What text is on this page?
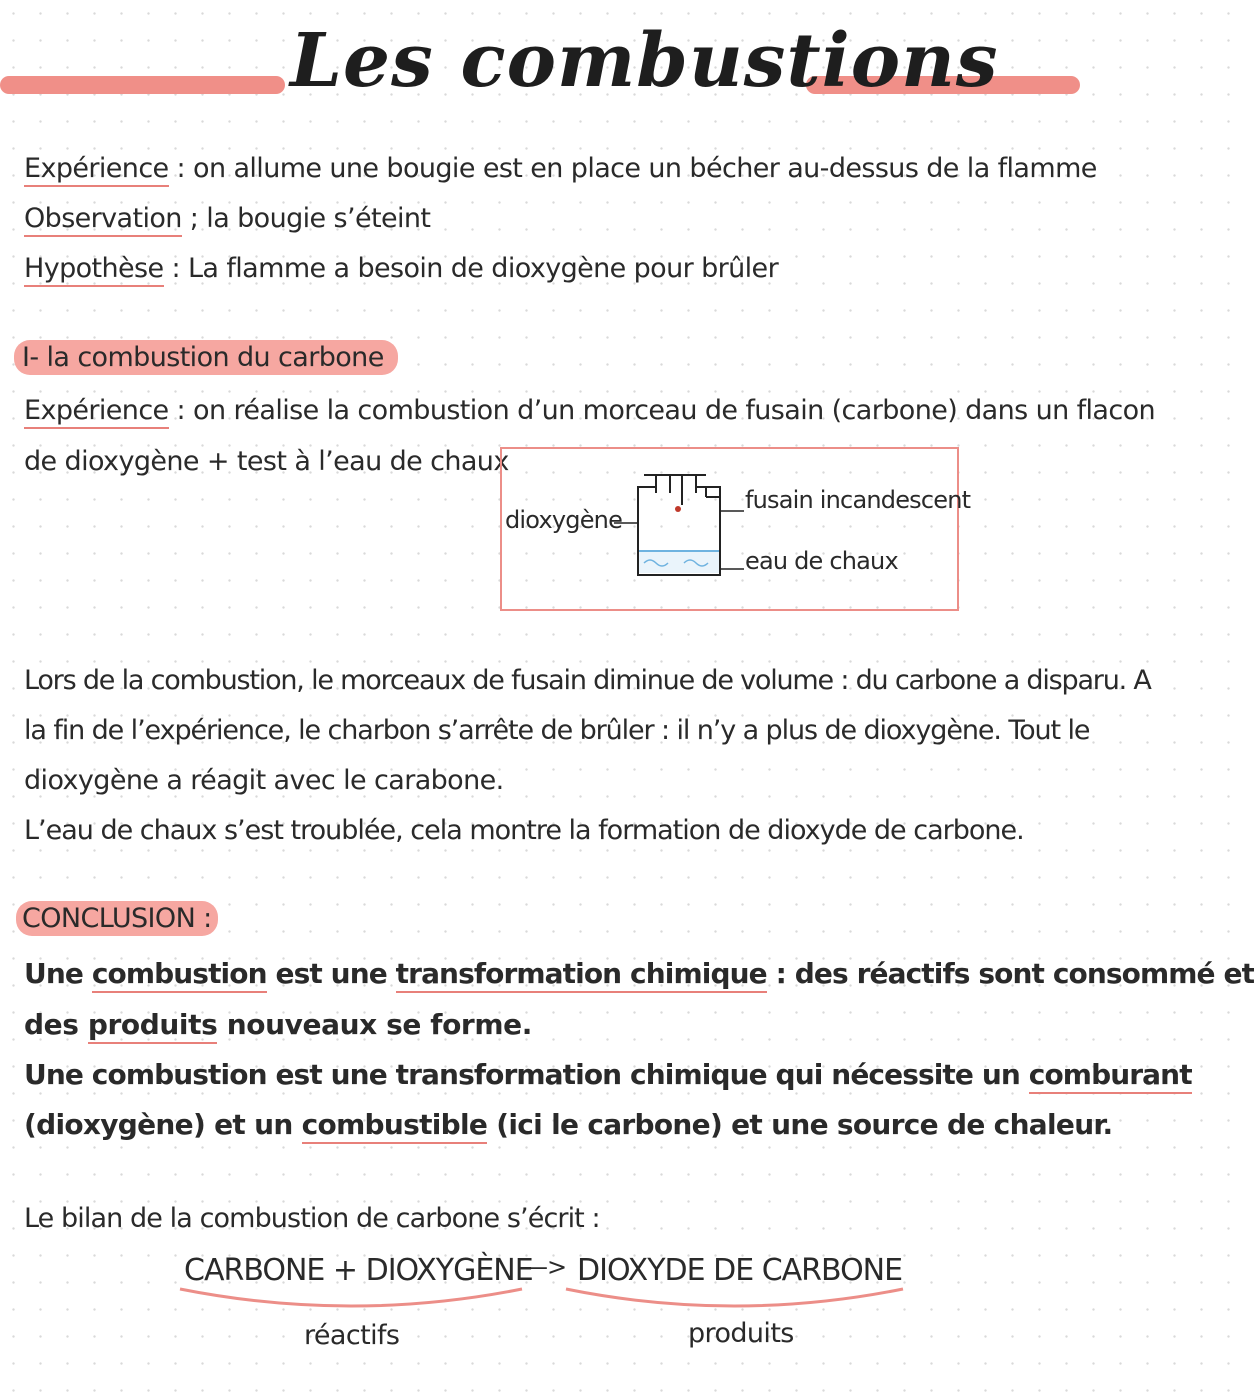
Les combustions
Expérience : on allume une bougie est en place un bécher au-dessus de la flamme
Observation ; la bougie s’éteint
Hypothèse : La flamme a besoin de dioxygène pour brûler
I- la combustion du carbone
Expérience : on réalise la combustion d’un morceau de fusain (carbone) dans un flacon
de dioxygène + test à l’eau de chaux
dioxygène
fusain incandescent
eau de chaux
Lors de la combustion, le morceaux de fusain diminue de volume : du carbone a disparu. A
la fin de l’expérience, le charbon s’arrête de brûler : il n’y a plus de dioxygène. Tout le
dioxygène a réagit avec le carabone.
L’eau de chaux s’est troublée, cela montre la formation de dioxyde de carbone.
CONCLUSION :
Une combustion est une transformation chimique : des réactifs sont consommé et
des produits nouveaux se forme.
Une combustion est une transformation chimique qui nécessite un comburant
(dioxygène) et un combustible (ici le carbone) et une source de chaleur.
Le bilan de la combustion de carbone s’écrit :
CARBONE + DIOXYGÈNE
—> DIOXYDE DE CARBONE
réactifs	produits
